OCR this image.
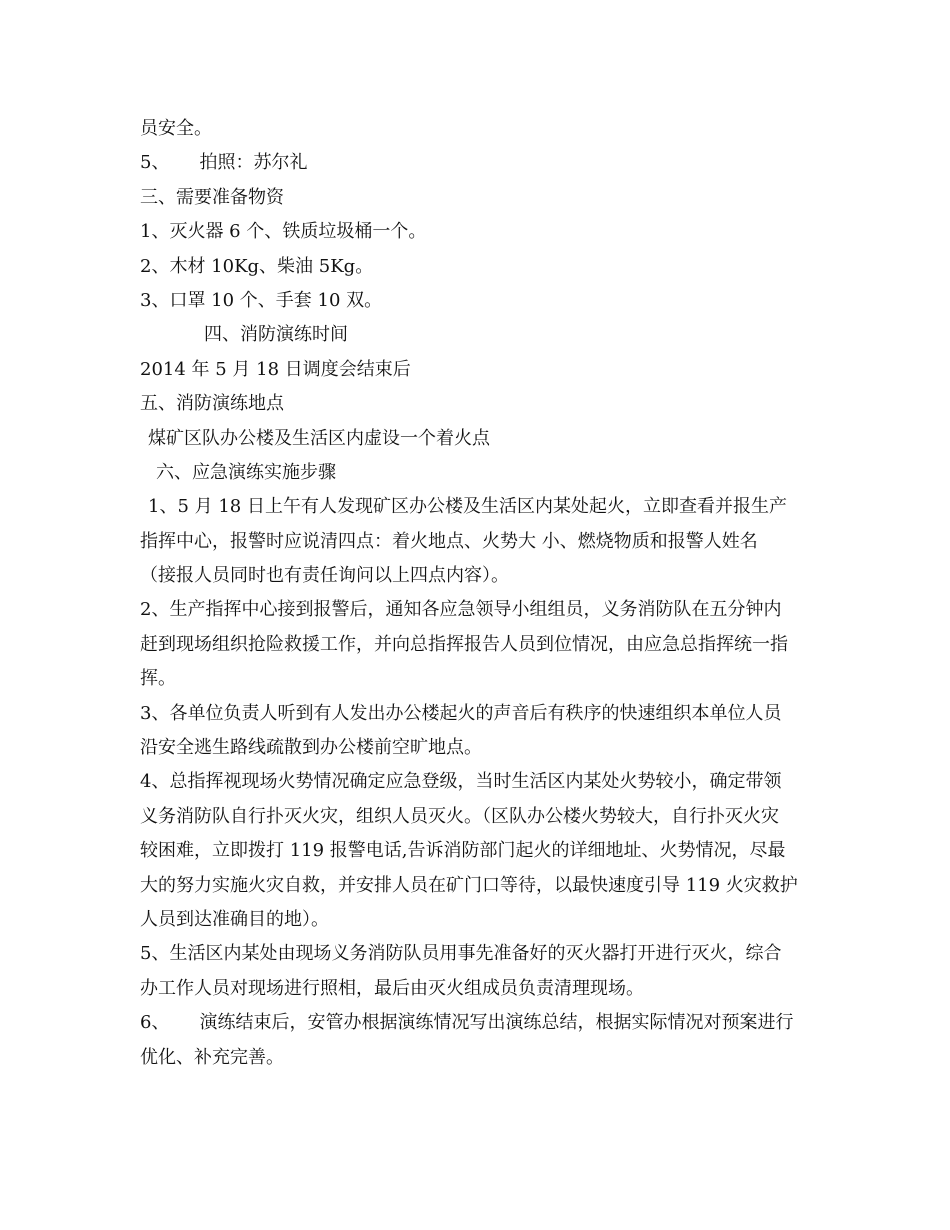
员安全。
5、 拍照：苏尔礼
三、需要准备物资
1、灭火器 6 个、铁质垃圾桶一个。
2、木材 10Kg、柴油 5Kg。
3、口罩 10 个、手套 10 双。
四、消防演练时间
2014 年 5 月 18 日调度会结束后
五、消防演练地点
煤矿区队办公楼及生活区内虚设一个着火点
六、应急演练实施步骤
1、5 月 18 日上午有人发现矿区办公楼及生活区内某处起火，立即查看并报生产
指挥中心，报警时应说清四点：着火地点、火势大 小、燃烧物质和报警人姓名
（接报人员同时也有责任询问以上四点内容）。
2、生产指挥中心接到报警后，通知各应急领导小组组员，义务消防队在五分钟内
赶到现场组织抢险救援工作，并向总指挥报告人员到位情况，由应急总指挥统一指
挥。
3、各单位负责人听到有人发出办公楼起火的声音后有秩序的快速组织本单位人员
沿安全逃生路线疏散到办公楼前空旷地点。
4、总指挥视现场火势情况确定应急登级，当时生活区内某处火势较小，确定带领
义务消防队自行扑灭火灾，组织人员灭火。（区队办公楼火势较大，自行扑灭火灾
较困难，立即拨打 119 报警电话,告诉消防部门起火的详细地址、火势情况，尽最
大的努力实施火灾自救，并安排人员在矿门口等待，以最快速度引导 119 火灾救护
人员到达准确目的地）。
5、生活区内某处由现场义务消防队员用事先准备好的灭火器打开进行灭火，综合
办工作人员对现场进行照相，最后由灭火组成员负责清理现场。
6、 演练结束后，安管办根据演练情况写出演练总结，根据实际情况对预案进行
优化、补充完善。
